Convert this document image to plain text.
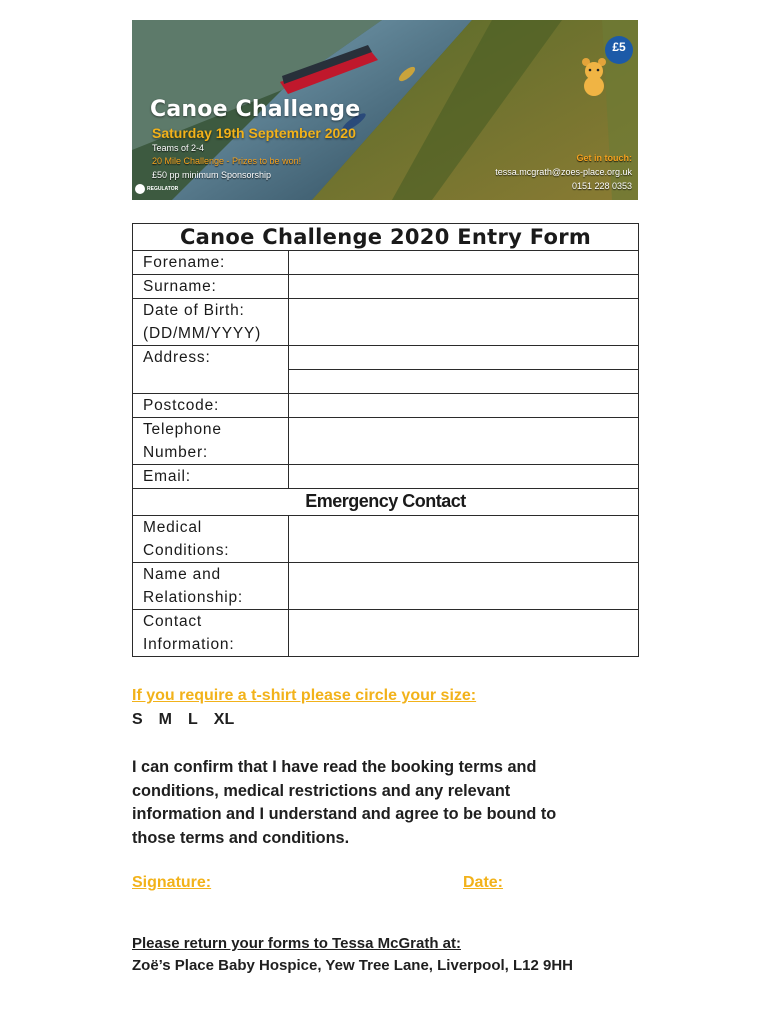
£5
Canoe Challenge
Saturday 19th September 2020
Teams of 2-4
20 Mile Challenge - Prizes to be won!
£50 pp minimum Sponsorship
Get in touch:
tessa.mcgrath@zoes-place.org.uk
0151 228 0353
REGULATOR
Canoe Challenge 2020 Entry Form	
Forename:	
Surname:	

Date of Birth:
(DD/MM/YYYY)	

Address:	

Postcode:	

Telephone
Number:	

Email:	
Emergency Contact	

Medical
Conditions:	

Name and
Relationship:	

Contact
Information:	

If you require a t-shirt please circle your size:
S M L XL
I can confirm that I have read the booking terms and
conditions, medical restrictions and any relevant
information and I understand and agree to be bound to
those terms and conditions.
Signature:	Date:
Please return your forms to Tessa McGrath at:
Zoë’s Place Baby Hospice, Yew Tree Lane, Liverpool, L12 9HH
